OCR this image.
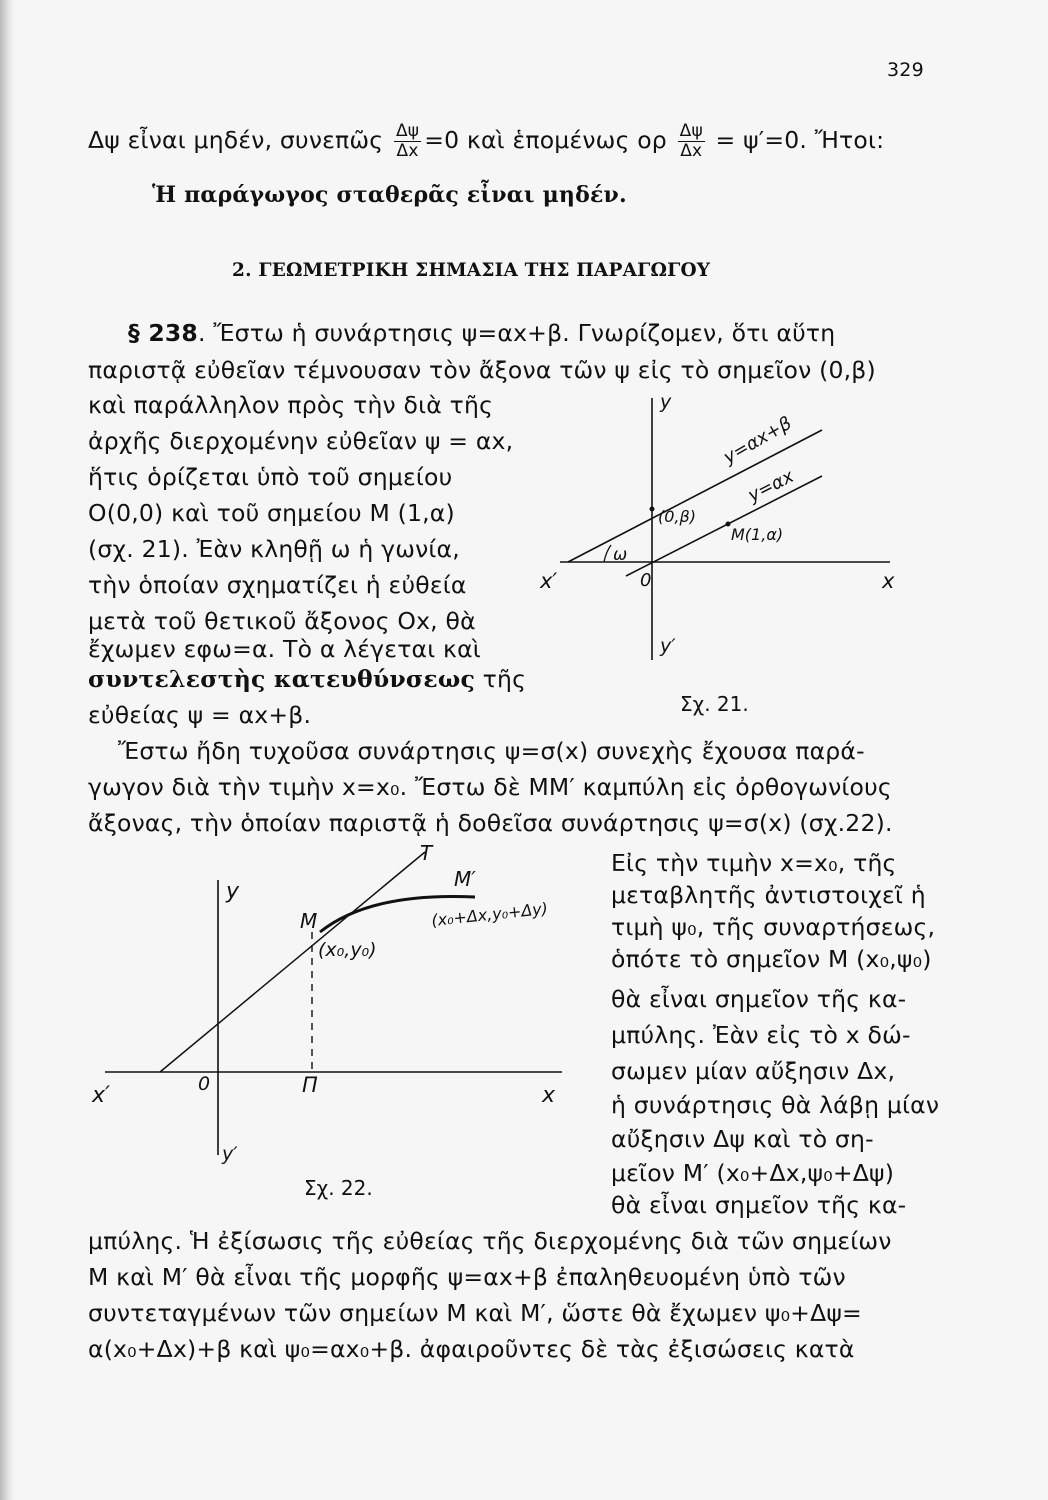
329
Δψ εἶναι μηδέν, συνεπῶς $\frac{\Delta\psi}{\Delta x} =0$ καὶ ἑπομένως ορ $\frac{\Delta\psi}{\Delta x} = \psi'=0$. Ἤτοι:
Ἡ παράγωγος σταθερᾶς εἶναι μηδέν.
2. ΓΕΩΜΕΤΡΙΚΗ ΣΗΜΑΣΙΑ ΤΗΣ ΠΑΡΑΓΩΓΟΥ
§ 238. Ἔστω ἡ συνάρτησις ψ=αx+β. Γνωρίζομεν, ὅτι αὕτη
παριστᾷ εὐθεῖαν τέμνουσαν τὸν ἄξονα τῶν ψ εἰς τὸ σημεῖον (0,β)
καὶ παράλληλον πρὸς τὴν διὰ τῆς
ἀρχῆς διερχομένην εὐθεῖαν ψ = αx,
ἥτις ὁρίζεται ὑπὸ τοῦ σημείου
O(0,0) καὶ τοῦ σημείου M (1,α)
(σχ. 21). Ἐὰν κληθῇ ω ἡ γωνία,
τὴν ὁποίαν σχηματίζει ἡ εὐθεία
μετὰ τοῦ θετικοῦ ἄξονος Ox, θὰ
ἔχωμεν εφω=α. Τὸ α λέγεται καὶ
συντελεστὴς κατευθύνσεως τῆς
εὐθείας ψ = αx+β.
y
y′
x
x′	0
ω
y=αx+β
y=αx
(0,β)
M(1,α)
Σχ. 21.
Ἔστω ἤδη τυχοῦσα συνάρτησις ψ=σ(x) συνεχὴς ἔχουσα παρά-
γωγον διὰ τὴν τιμὴν x=x₀. Ἔστω δὲ MM′ καμπύλη εἰς ὀρθογωνίους
ἄξονας, τὴν ὁποίαν παριστᾷ ἡ δοθεῖσα συνάρτησις ψ=σ(x) (σχ.22).
Εἰς τὴν τιμὴν x=x₀, τῆς
μεταβλητῆς ἀντιστοιχεῖ ἡ
τιμὴ ψ₀, τῆς συναρτήσεως,
ὁπότε τὸ σημεῖον M (x₀,ψ₀)
θὰ εἶναι σημεῖον τῆς κα-
μπύλης. Ἐὰν εἰς τὸ x δώ-
σωμεν μίαν αὔξησιν Δx,
ἡ συνάρτησις θὰ λάβῃ μίαν
αὔξησιν Δψ καὶ τὸ ση-
μεῖον M′ (x₀+Δx,ψ₀+Δψ)
θὰ εἶναι σημεῖον τῆς κα-
y
y′
x
x′	0	Π
T
M
M′
(x₀,y₀)
(x₀+Δx,y₀+Δy)
Σχ. 22.
μπύλης. Ἡ ἐξίσωσις τῆς εὐθείας τῆς διερχομένης διὰ τῶν σημείων
M καὶ M′ θὰ εἶναι τῆς μορφῆς ψ=αx+β ἐπαληθευομένη ὑπὸ τῶν
συντεταγμένων τῶν σημείων M καὶ M′, ὥστε θὰ ἔχωμεν ψ₀+Δψ=
α(x₀+Δx)+β καὶ ψ₀=αx₀+β. ἀφαιροῦντες δὲ τὰς ἐξισώσεις κατὰ
